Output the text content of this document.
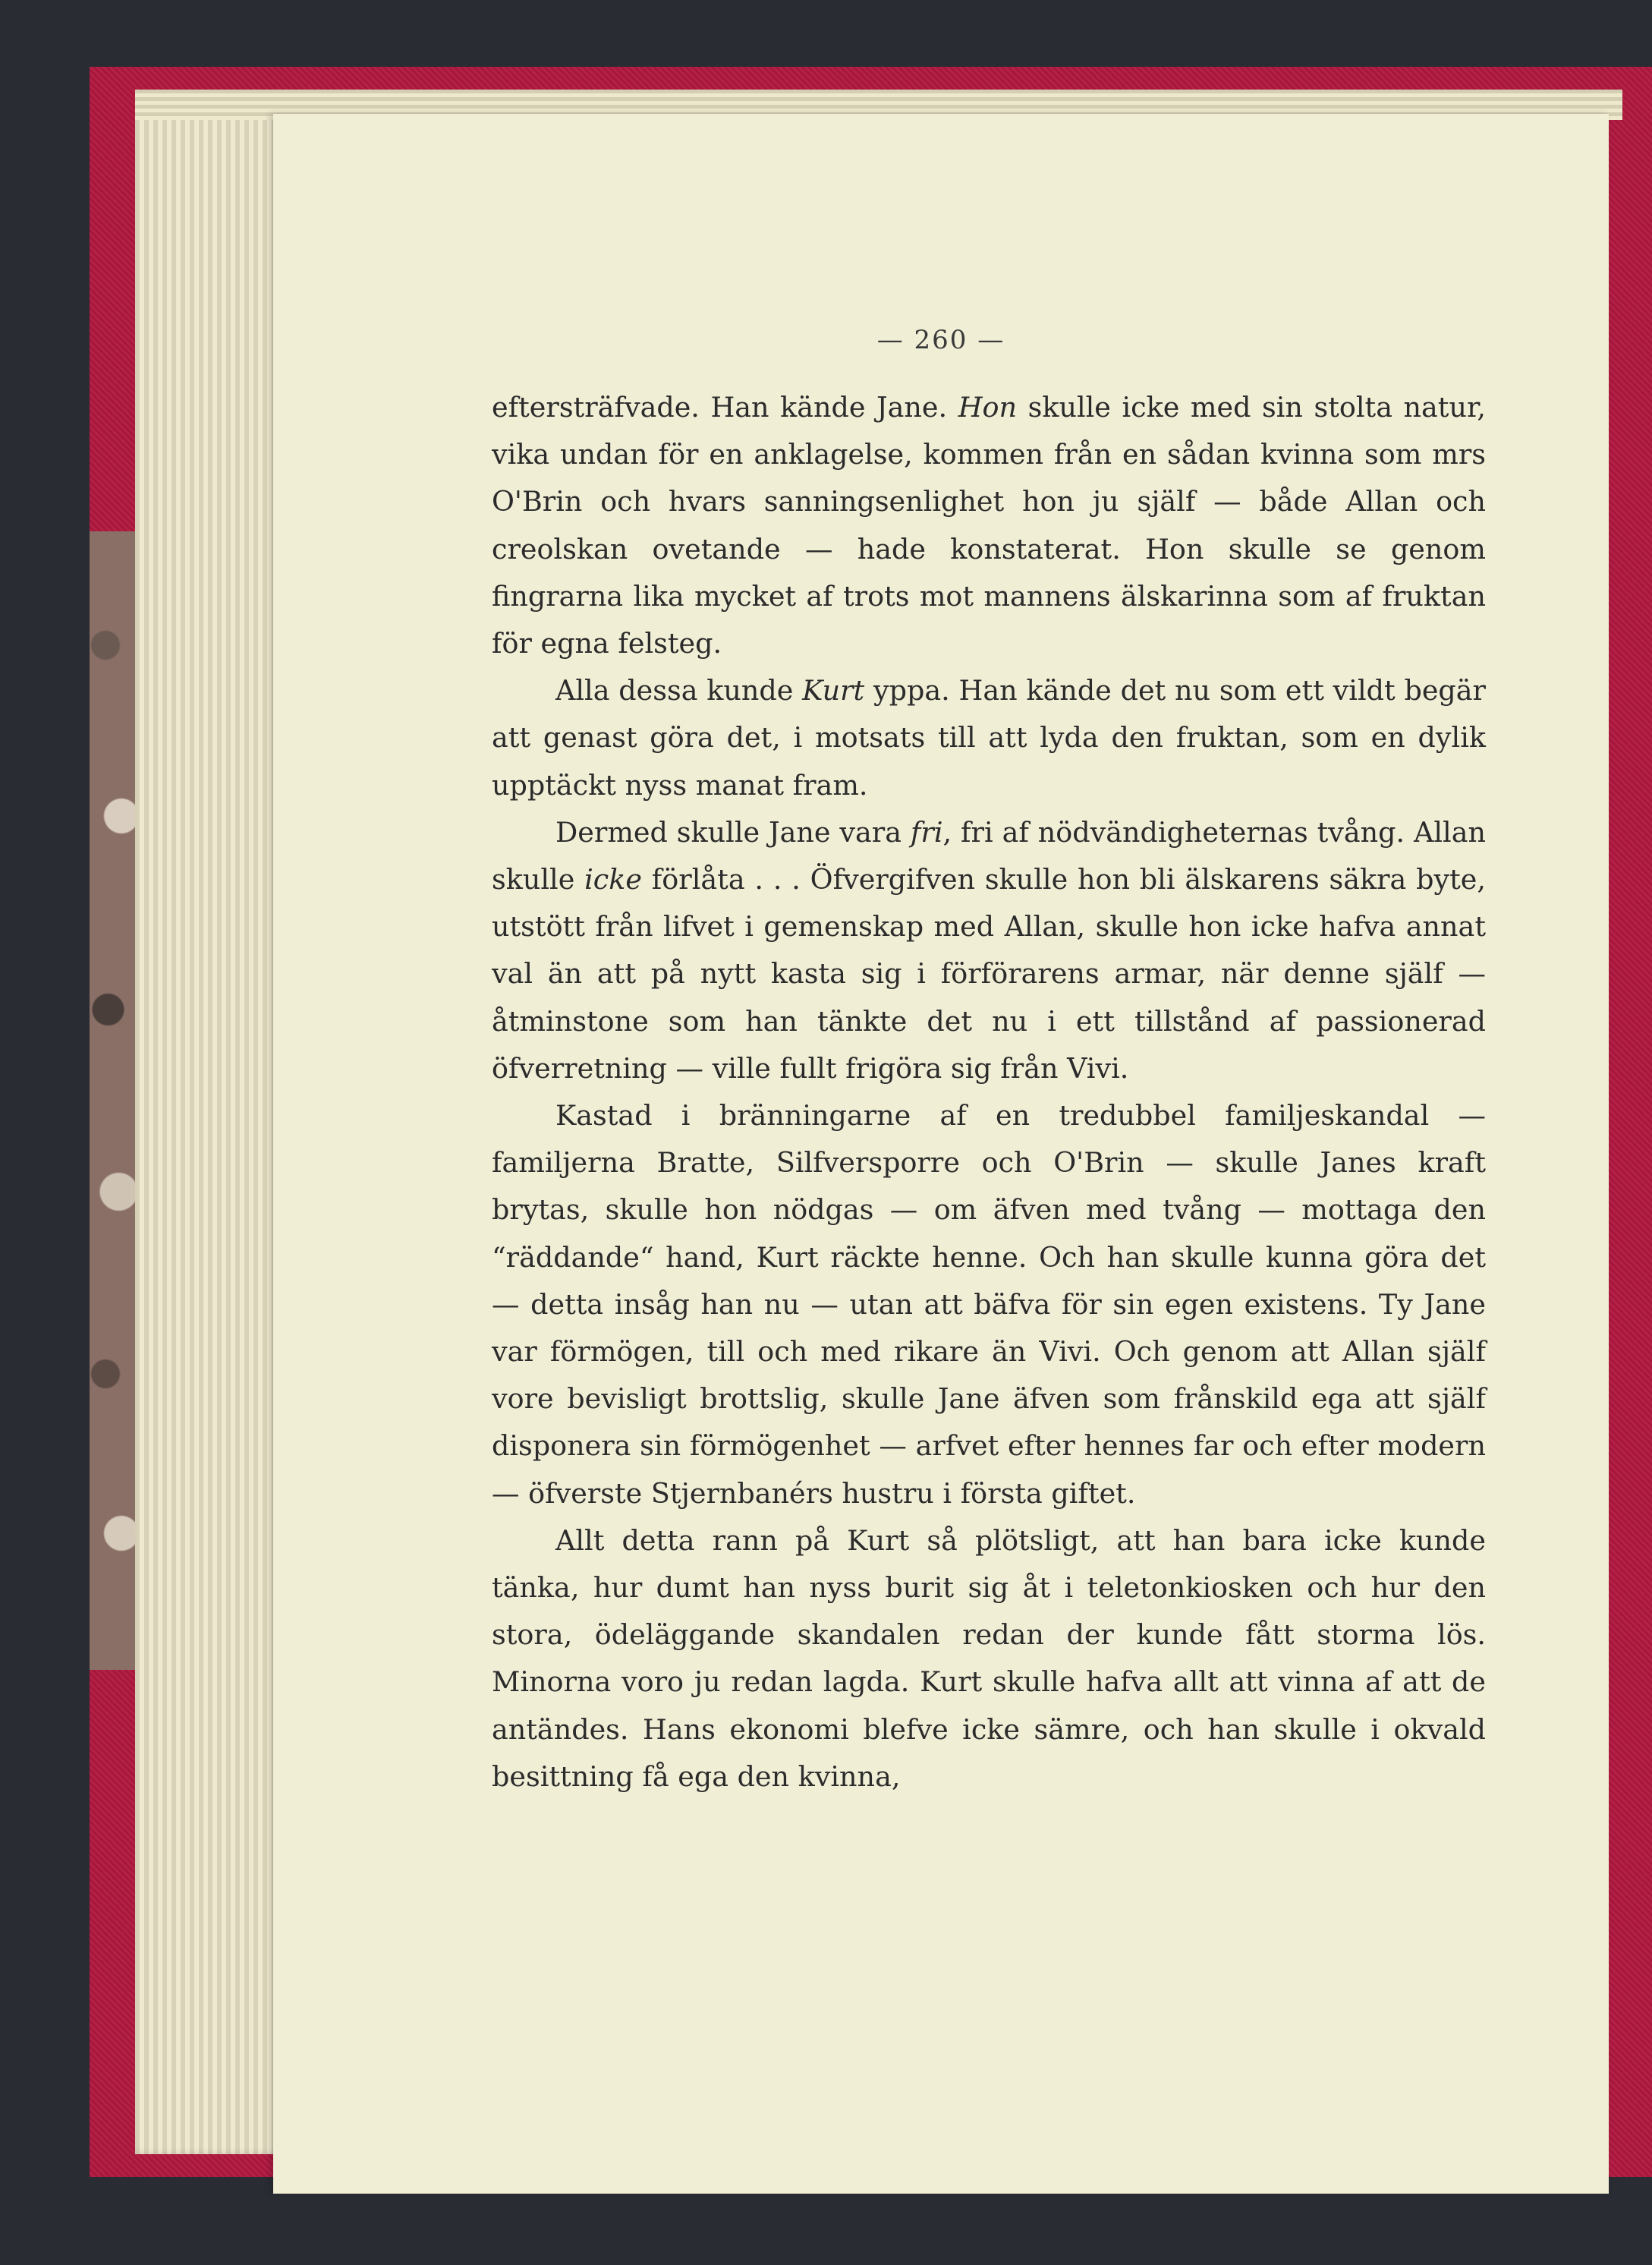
— 260 —

eftersträfvade. Han kände Jane. Hon skulle icke med sin stolta natur, vika undan för en anklagelse, kommen från en sådan kvinna som mrs O'Brin och hvars sanningsenlighet hon ju själf — både Allan och creolskan ovetande — hade konstaterat. Hon skulle se genom fingrarna lika mycket af trots mot mannens älskarinna som af fruktan för egna felsteg.

Alla dessa kunde Kurt yppa. Han kände det nu som ett vildt begär att genast göra det, i motsats till att lyda den fruktan, som en dylik upptäckt nyss manat fram.

Dermed skulle Jane vara fri, fri af nödvändigheternas tvång. Allan skulle icke förlåta . . . Öfvergifven skulle hon bli älskarens säkra byte, utstött från lifvet i gemenskap med Allan, skulle hon icke hafva annat val än att på nytt kasta sig i förförarens armar, när denne själf — åtminstone som han tänkte det nu i ett tillstånd af passionerad öfverretning — ville fullt frigöra sig från Vivi.

Kastad i bränningarne af en tredubbel familjeskandal — familjerna Bratte, Silfversporre och O'Brin — skulle Janes kraft brytas, skulle hon nödgas — om äfven med tvång — mottaga den “räddande“ hand, Kurt räckte henne. Och han skulle kunna göra det — detta insåg han nu — utan att bäfva för sin egen existens. Ty Jane var förmögen, till och med rikare än Vivi. Och genom att Allan själf vore bevisligt brottslig, skulle Jane äfven som frånskild ega att själf disponera sin förmögenhet — arfvet efter hennes far och efter modern — öfverste Stjernbanérs hustru i första giftet.

Allt detta rann på Kurt så plötsligt, att han bara icke kunde tänka, hur dumt han nyss burit sig åt i teletonkiosken och hur den stora, ödeläggande skandalen redan der kunde fått storma lös. Minorna voro ju redan lagda. Kurt skulle hafva allt att vinna af att de antändes. Hans ekonomi blefve icke sämre, och han skulle i okvald besittning få ega den kvinna,
